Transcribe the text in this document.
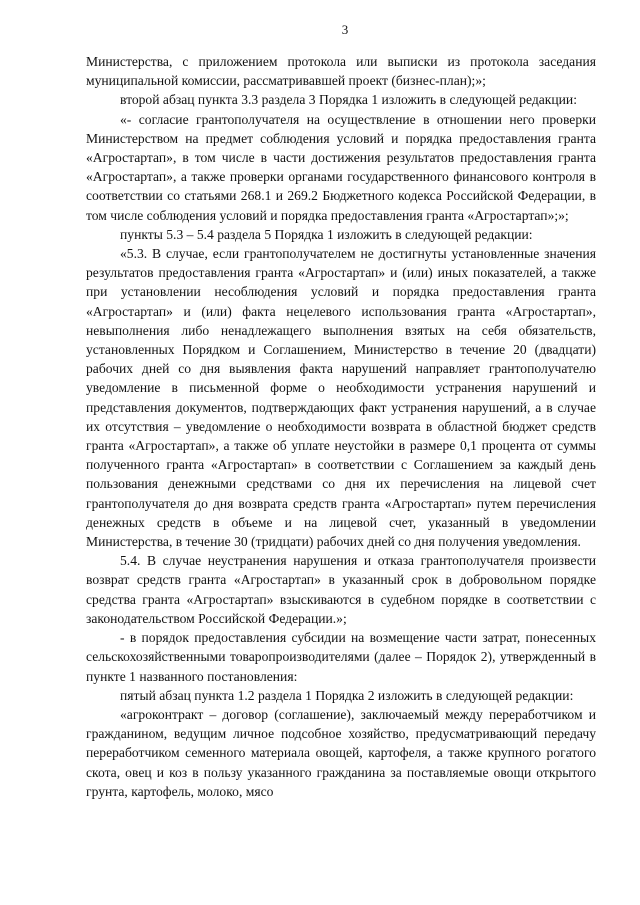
3

Министерства, с приложением протокола или выписки из протокола заседания муниципальной комиссии, рассматривавшей проект (бизнес-план);»;

второй абзац пункта 3.3 раздела 3 Порядка 1 изложить в следующей редакции:

«- согласие грантополучателя на осуществление в отношении него проверки Министерством на предмет соблюдения условий и порядка предоставления гранта «Агростартап», в том числе в части достижения результатов предоставления гранта «Агростартап», а также проверки органами государственного финансового контроля в соответствии со статьями 268.1 и 269.2 Бюджетного кодекса Российской Федерации, в том числе соблюдения условий и порядка предоставления гранта «Агростартап»;»;

пункты 5.3 – 5.4 раздела 5 Порядка 1 изложить в следующей редакции:

«5.3. В случае, если грантополучателем не достигнуты установленные значения результатов предоставления гранта «Агростартап» и (или) иных показателей, а также при установлении несоблюдения условий и порядка предоставления гранта «Агростартап» и (или) факта нецелевого использования гранта «Агростартап», невыполнения либо ненадлежащего выполнения взятых на себя обязательств, установленных Порядком и Соглашением, Министерство в течение 20 (двадцати) рабочих дней со дня выявления факта нарушений направляет грантополучателю уведомление в письменной форме о необходимости устранения нарушений и представления документов, подтверждающих факт устранения нарушений, а в случае их отсутствия – уведомление о необходимости возврата в областной бюджет средств гранта «Агростартап», а также об уплате неустойки в размере 0,1 процента от суммы полученного гранта «Агростартап» в соответствии с Соглашением за каждый день пользования денежными средствами со дня их перечисления на лицевой счет грантополучателя до дня возврата средств гранта «Агростартап» путем перечисления денежных средств в объеме и на лицевой счет, указанный в уведомлении Министерства, в течение 30 (тридцати) рабочих дней со дня получения уведомления.

5.4. В случае неустранения нарушения и отказа грантополучателя произвести возврат средств гранта «Агростартап» в указанный срок в добровольном порядке средства гранта «Агростартап» взыскиваются в судебном порядке в соответствии с законодательством Российской Федерации.»;

- в порядок предоставления субсидии на возмещение части затрат, понесенных сельскохозяйственными товаропроизводителями (далее – Порядок 2), утвержденный в пункте 1 названного постановления:

пятый абзац пункта 1.2 раздела 1 Порядка 2 изложить в следующей редакции:

«агроконтракт – договор (соглашение), заключаемый между переработчиком и гражданином, ведущим личное подсобное хозяйство, предусматривающий передачу переработчиком семенного материала овощей, картофеля, а также крупного рогатого скота, овец и коз в пользу указанного гражданина за поставляемые овощи открытого грунта, картофель, молоко, мясо
